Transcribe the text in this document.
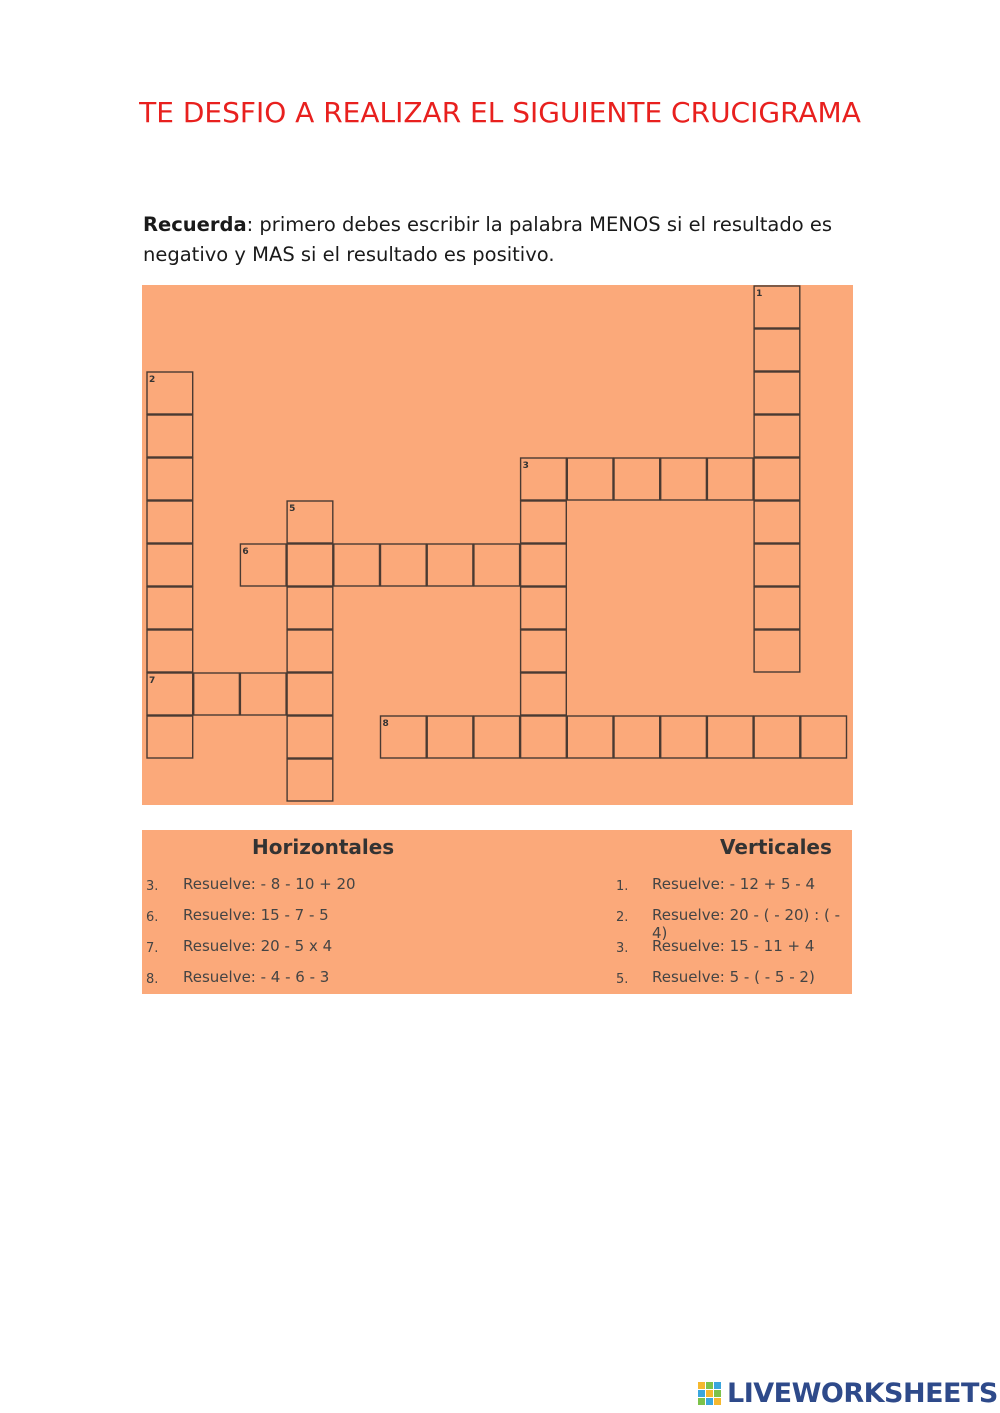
TE DESFIO A REALIZAR EL SIGUIENTE CRUCIGRAMA
Recuerda: primero debes escribir la palabra MENOS si el resultado es negativo y MAS si el resultado es positivo.
1
2
3
5
6
7
8
Horizontales	Verticales
3. Resuelve: - 8 - 10 + 20
6. Resuelve: 15 - 7 - 5
7. Resuelve: 20 - 5 x 4
8. Resuelve: - 4 - 6 - 3
1. Resuelve: - 12 + 5 - 4
2. Resuelve: 20 - ( - 20) : ( - 4)
3. Resuelve: 15 - 11 + 4
5. Resuelve: 5 - ( - 5 - 2)
LIVEWORKSHEETS
